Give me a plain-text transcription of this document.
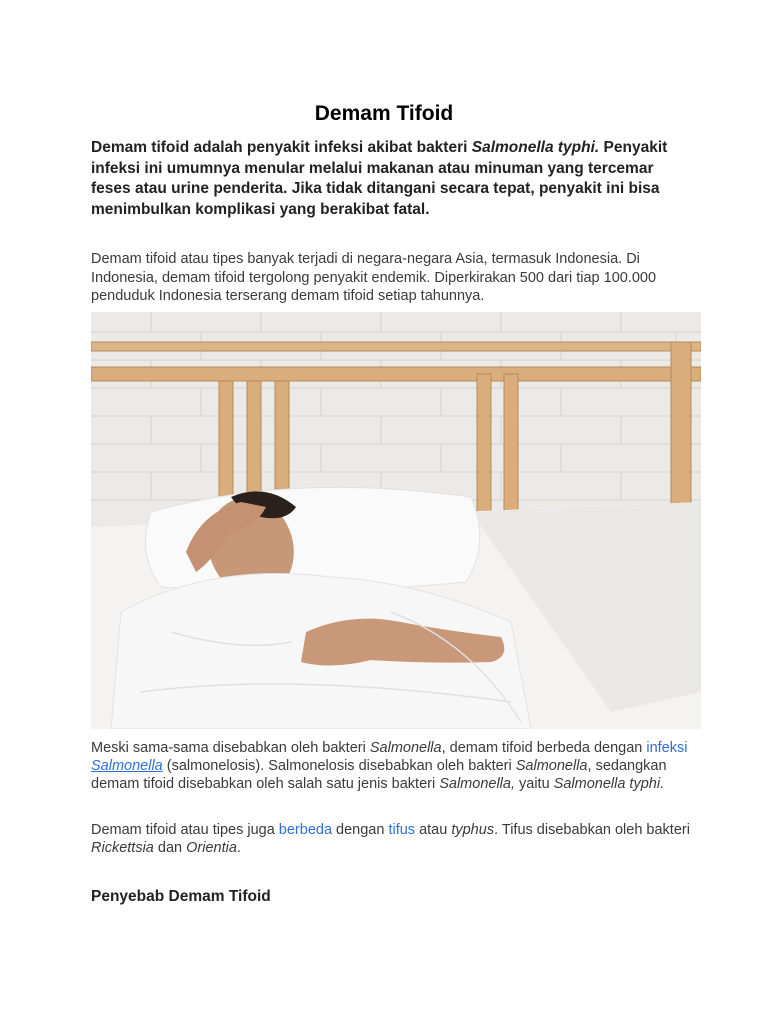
Demam Tifoid

Demam tifoid adalah penyakit infeksi akibat bakteri Salmonella typhi. Penyakit infeksi ini umumnya menular melalui makanan atau minuman yang tercemar feses atau urine penderita. Jika tidak ditangani secara tepat, penyakit ini bisa menimbulkan komplikasi yang berakibat fatal.

Demam tifoid atau tipes banyak terjadi di negara-negara Asia, termasuk Indonesia. Di Indonesia, demam tifoid tergolong penyakit endemik. Diperkirakan 500 dari tiap 100.000 penduduk Indonesia terserang demam tifoid setiap tahunnya.

Meski sama-sama disebabkan oleh bakteri Salmonella, demam tifoid berbeda dengan infeksi Salmonella (salmonelosis). Salmonelosis disebabkan oleh bakteri Salmonella, sedangkan demam tifoid disebabkan oleh salah satu jenis bakteri Salmonella, yaitu Salmonella typhi.

Demam tifoid atau tipes juga berbeda dengan tifus atau typhus. Tifus disebabkan oleh bakteri Rickettsia dan Orientia.

Penyebab Demam Tifoid
